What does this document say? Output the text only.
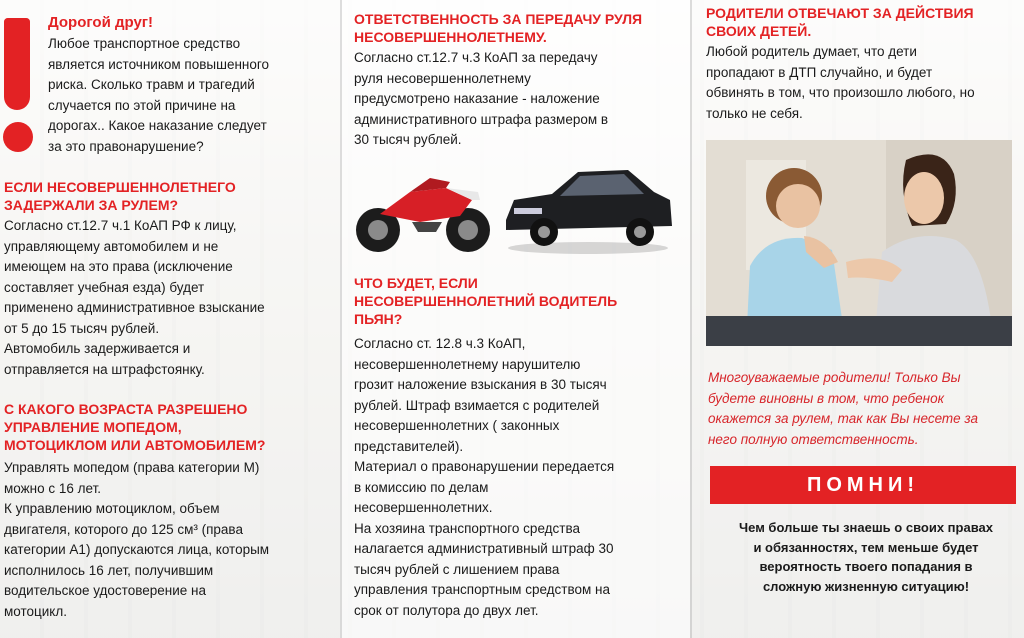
Дорогой друг!

Любое транспортное средство

является источником повышенного

риска. Сколько травм и трагедий

случается по этой причине на

дорогах.. Какое наказание следует

за это правонарушение?

ЕСЛИ НЕСОВЕРШЕННОЛЕТНЕГО
ЗАДЕРЖАЛИ ЗА РУЛЕМ?

Согласно ст.12.7 ч.1 КоАП РФ к лицу,

управляющему автомобилем и не

имеющем на это права (исключение

составляет учебная езда) будет

применено административное взыскание

от 5 до 15 тысяч рублей.

Автомобиль задерживается и

отправляется на штрафстоянку.

С КАКОГО ВОЗРАСТА РАЗРЕШЕНО
УПРАВЛЕНИЕ МОПЕДОМ,
МОТОЦИКЛОМ ИЛИ АВТОМОБИЛЕМ?

Управлять мопедом (права категории М)

можно с 16 лет.

К управлению мотоциклом, объем

двигателя, которого до 125 см³ (права

категории А1) допускаются лица, которым

исполнилось 16 лет, получившим

водительское удостоверение на

мотоцикл.

ОТВЕТСТВЕННОСТЬ ЗА ПЕРЕДАЧУ РУЛЯ
НЕСОВЕРШЕННОЛЕТНЕМУ.

Согласно ст.12.7 ч.3 КоАП за передачу

руля несовершеннолетнему

предусмотрено наказание - наложение

административного штрафа размером в

30 тысяч рублей.

ЧТО БУДЕТ, ЕСЛИ
НЕСОВЕРШЕННОЛЕТНИЙ ВОДИТЕЛЬ
ПЬЯН?

Согласно ст. 12.8 ч.3 КоАП,

несовершеннолетнему нарушителю

грозит наложение взыскания в 30 тысяч

рублей. Штраф взимается с родителей

несовершеннолетних ( законных

представителей).

Материал о правонарушении передается

в комиссию по делам

несовершеннолетних.

На хозяина транспортного средства

налагается административный штраф 30

тысяч рублей с лишением права

управления транспортным средством на

срок от полутора до двух лет.

РОДИТЕЛИ ОТВЕЧАЮТ ЗА ДЕЙСТВИЯ
СВОИХ ДЕТЕЙ.

Любой родитель думает, что дети

пропадают в ДТП случайно, и будет

обвинять в том, что произошло любого, но

только не себя.

Многоуважаемые родители! Только Вы
будете виновны в том, что ребенок
окажется за рулем, так как Вы несете за
него полную ответственность.
ПОМНИ!
Чем больше ты знаешь о своих правах
и обязанностях, тем меньше будет
вероятность твоего попадания в
сложную жизненную ситуацию!
